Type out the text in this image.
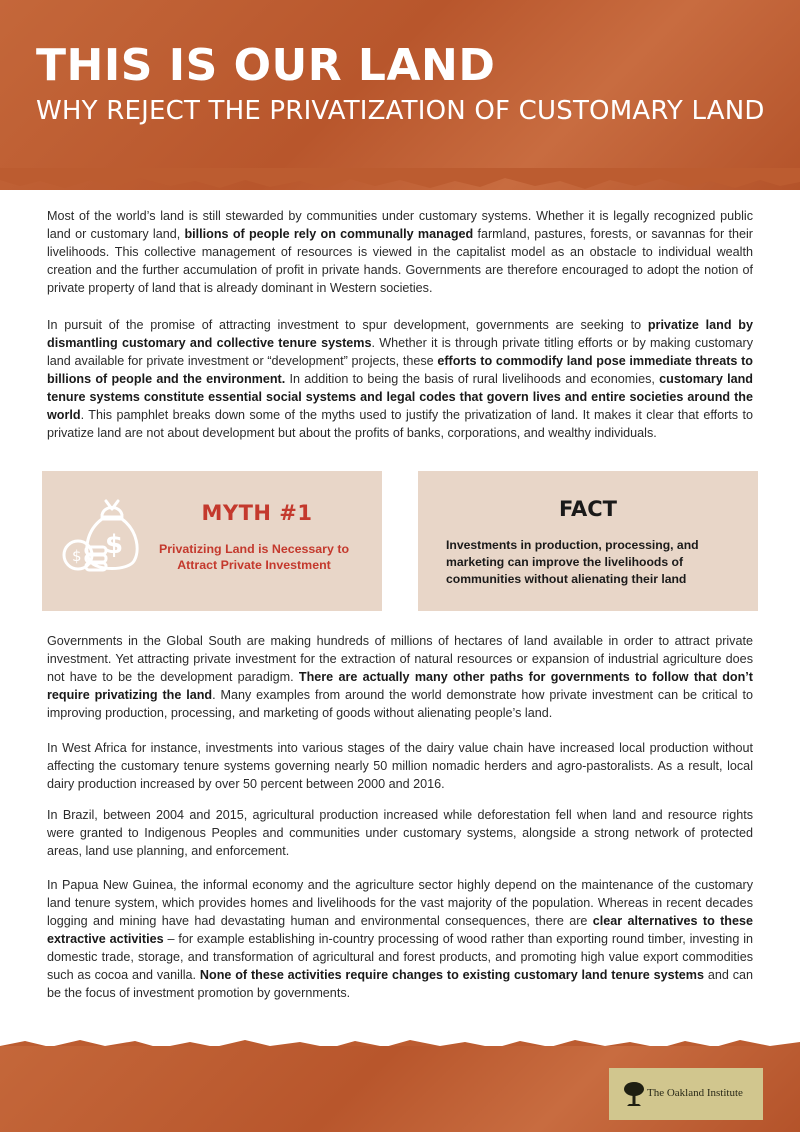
THIS IS OUR LAND
WHY REJECT THE PRIVATIZATION OF CUSTOMARY LAND

Most of the world’s land is still stewarded by communities under customary systems. Whether it is legally recognized public land or customary land, billions of people rely on communally managed farmland, pastures, forests, or savannas for their livelihoods. This collective management of resources is viewed in the capitalist model as an obstacle to individual wealth creation and the further accumulation of profit in private hands. Governments are therefore encouraged to adopt the notion of private property of land that is already dominant in Western societies.

In pursuit of the promise of attracting investment to spur development, governments are seeking to privatize land by dismantling customary and collective tenure systems. Whether it is through private titling efforts or by making customary land available for private investment or “development” projects, these efforts to commodify land pose immediate threats to billions of people and the environment. In addition to being the basis of rural livelihoods and economies, customary land tenure systems constitute essential social systems and legal codes that govern lives and entire societies around the world. This pamphlet breaks down some of the myths used to justify the privatization of land. It makes it clear that efforts to privatize land are not about development but about the profits of banks, corporations, and wealthy individuals.

$
$
MYTH #1
Privatizing Land is Necessary to Attract Private Investment
FACT
Investments in production, processing, and marketing can improve the livelihoods of communities without alienating their land

Governments in the Global South are making hundreds of millions of hectares of land available in order to attract private investment. Yet attracting private investment for the extraction of natural resources or expansion of industrial agriculture does not have to be the development paradigm. There are actually many other paths for governments to follow that don’t require privatizing the land. Many examples from around the world demonstrate how private investment can be critical to improving production, processing, and marketing of goods without alienating people’s land.

In West Africa for instance, investments into various stages of the dairy value chain have increased local production without affecting the customary tenure systems governing nearly 50 million nomadic herders and agro-pastoralists. As a result, local dairy production increased by over 50 percent between 2000 and 2016.

In Brazil, between 2004 and 2015, agricultural production increased while deforestation fell when land and resource rights were granted to Indigenous Peoples and communities under customary systems, alongside a strong network of protected areas, land use planning, and enforcement.

In Papua New Guinea, the informal economy and the agriculture sector highly depend on the maintenance of the customary land tenure system, which provides homes and livelihoods for the vast majority of the population. Whereas in recent decades logging and mining have had devastating human and environmental consequences, there are clear alternatives to these extractive activities – for example establishing in-country processing of wood rather than exporting round timber, investing in domestic trade, storage, and transformation of agricultural and forest products, and promoting high value export commodities such as cocoa and vanilla. None of these activities require changes to existing customary land tenure systems and can be the focus of investment promotion by governments.

The Oakland Institute
